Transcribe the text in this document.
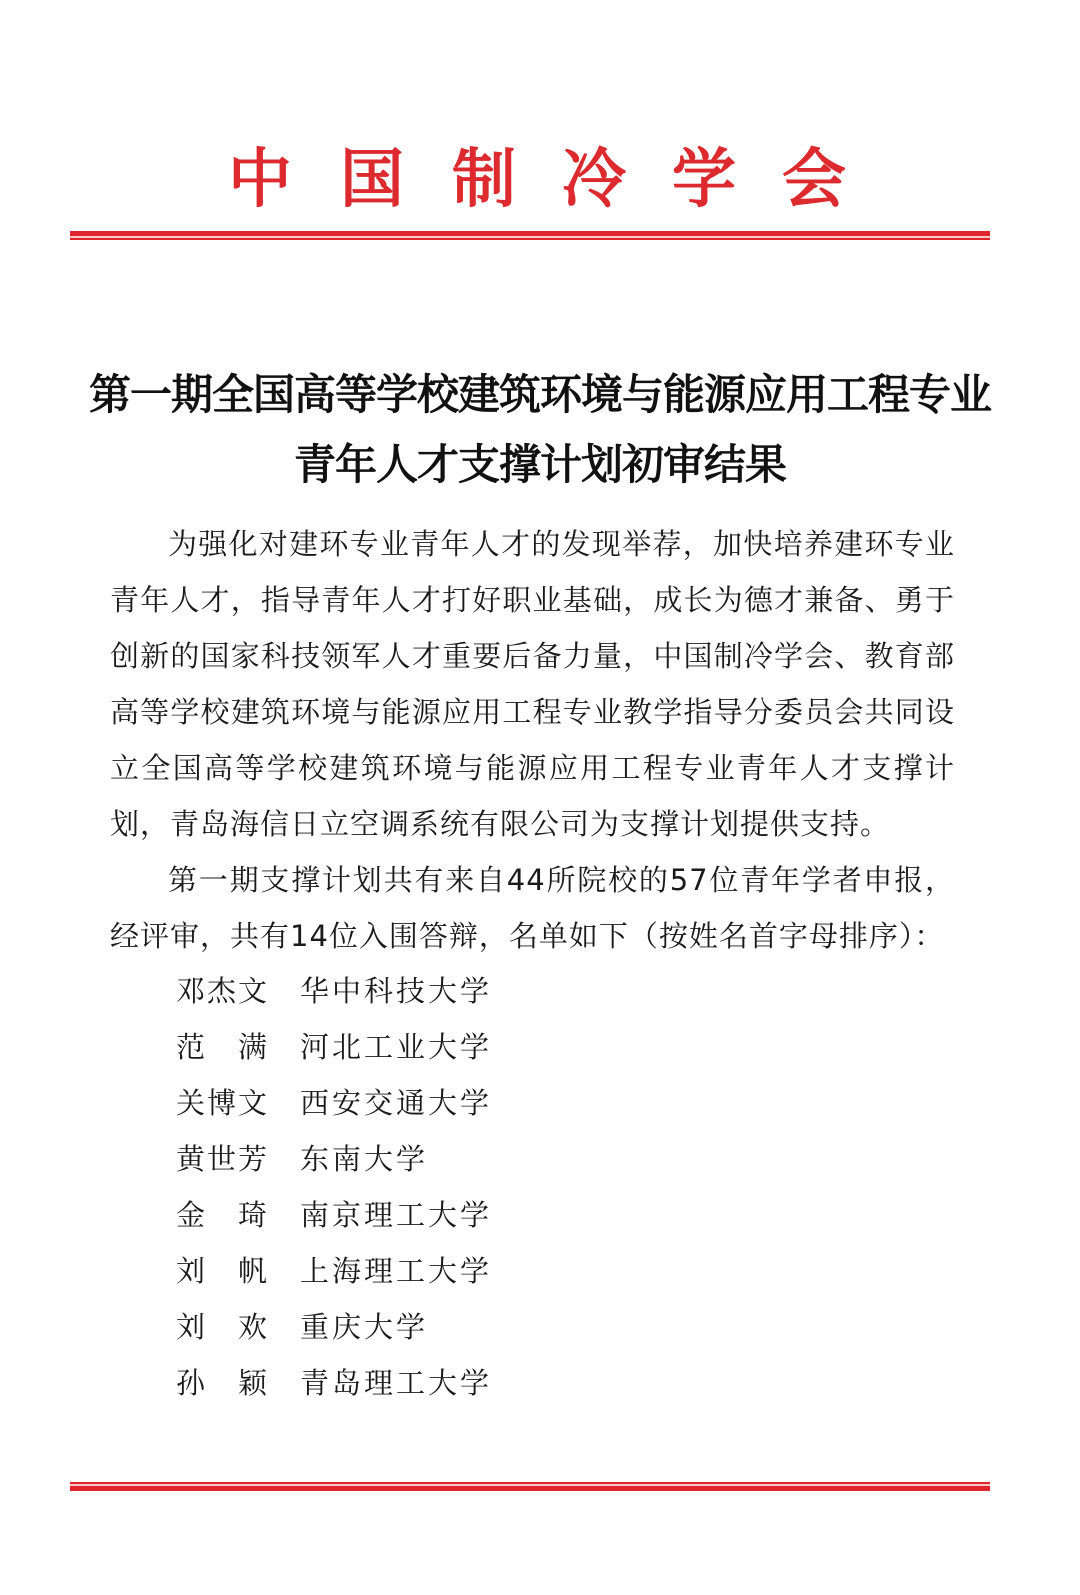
中 国 制 冷 学 会
第一期全国高等学校建筑环境与能源应用工程专业
青年人才支撑计划初审结果

为强化对建环专业青年人才的发现举荐，加快培养建环专业青年人才，指导青年人才打好职业基础，成长为德才兼备、勇于创新的国家科技领军人才重要后备力量，中国制冷学会、教育部高等学校建筑环境与能源应用工程专业教学指导分委员会共同设立全国高等学校建筑环境与能源应用工程专业青年人才支撑计划，青岛海信日立空调系统有限公司为支撑计划提供支持。

第一期支撑计划共有来自44所院校的57位青年学者申报，经评审，共有14位入围答辩，名单如下（按姓名首字母排序）：

邓杰文	华中科技大学
范　满	河北工业大学
关博文	西安交通大学
黄世芳	东南大学
金　琦	南京理工大学
刘　帆	上海理工大学
刘　欢	重庆大学
孙　颖	青岛理工大学
